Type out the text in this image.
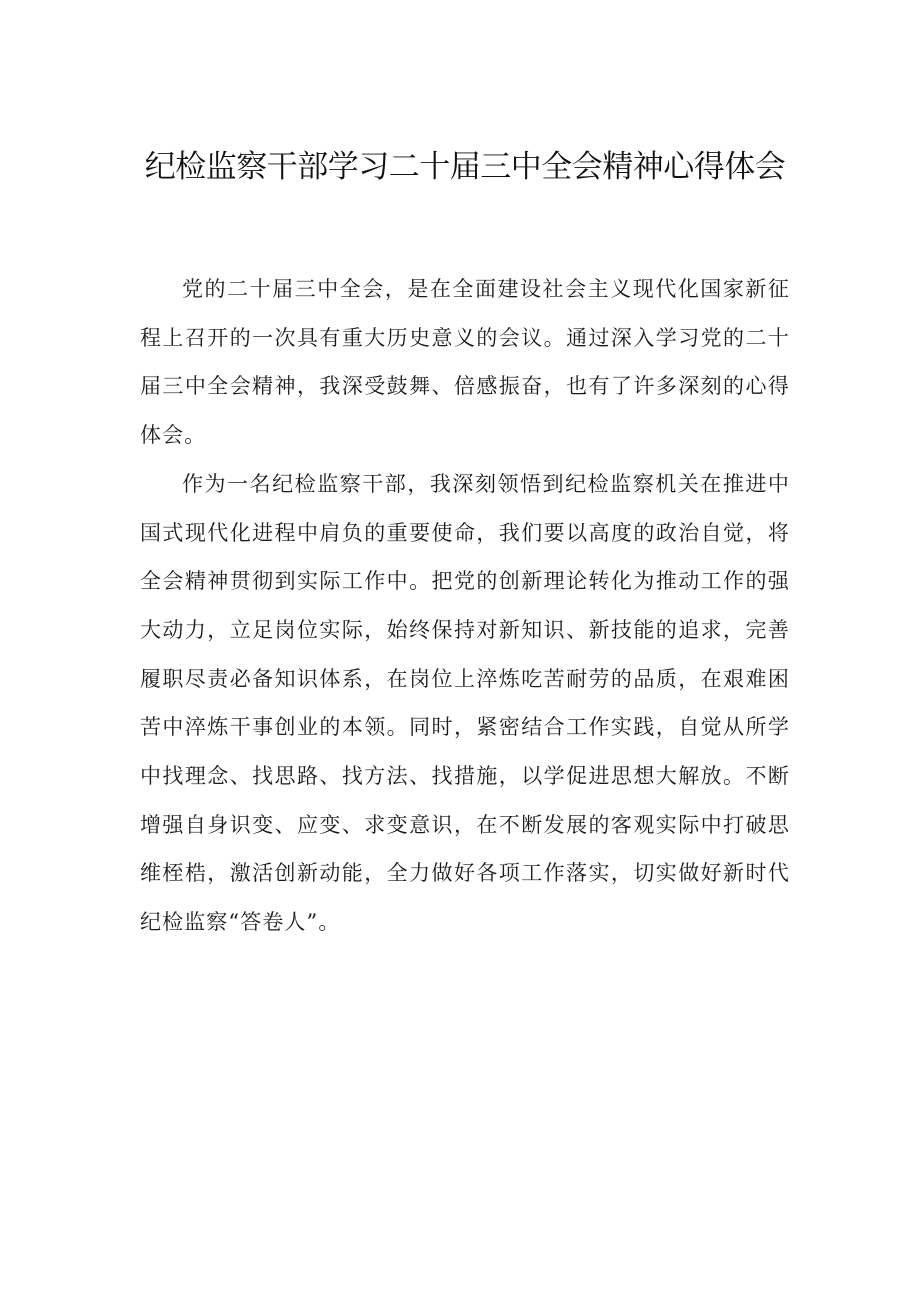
纪检监察干部学习二十届三中全会精神心得体会

党的二十届三中全会，是在全面建设社会主义现代化国家新征程上召开的一次具有重大历史意义的会议。通过深入学习党的二十届三中全会精神，我深受鼓舞、倍感振奋，也有了许多深刻的心得体会。

作为一名纪检监察干部，我深刻领悟到纪检监察机关在推进中国式现代化进程中肩负的重要使命，我们要以高度的政治自觉，将全会精神贯彻到实际工作中。把党的创新理论转化为推动工作的强大动力，立足岗位实际，始终保持对新知识、新技能的追求，完善履职尽责必备知识体系，在岗位上淬炼吃苦耐劳的品质，在艰难困苦中淬炼干事创业的本领。同时，紧密结合工作实践，自觉从所学中找理念、找思路、找方法、找措施，以学促进思想大解放。不断增强自身识变、应变、求变意识，在不断发展的客观实际中打破思维桎梏，激活创新动能，全力做好各项工作落实，切实做好新时代纪检监察“答卷人”。
